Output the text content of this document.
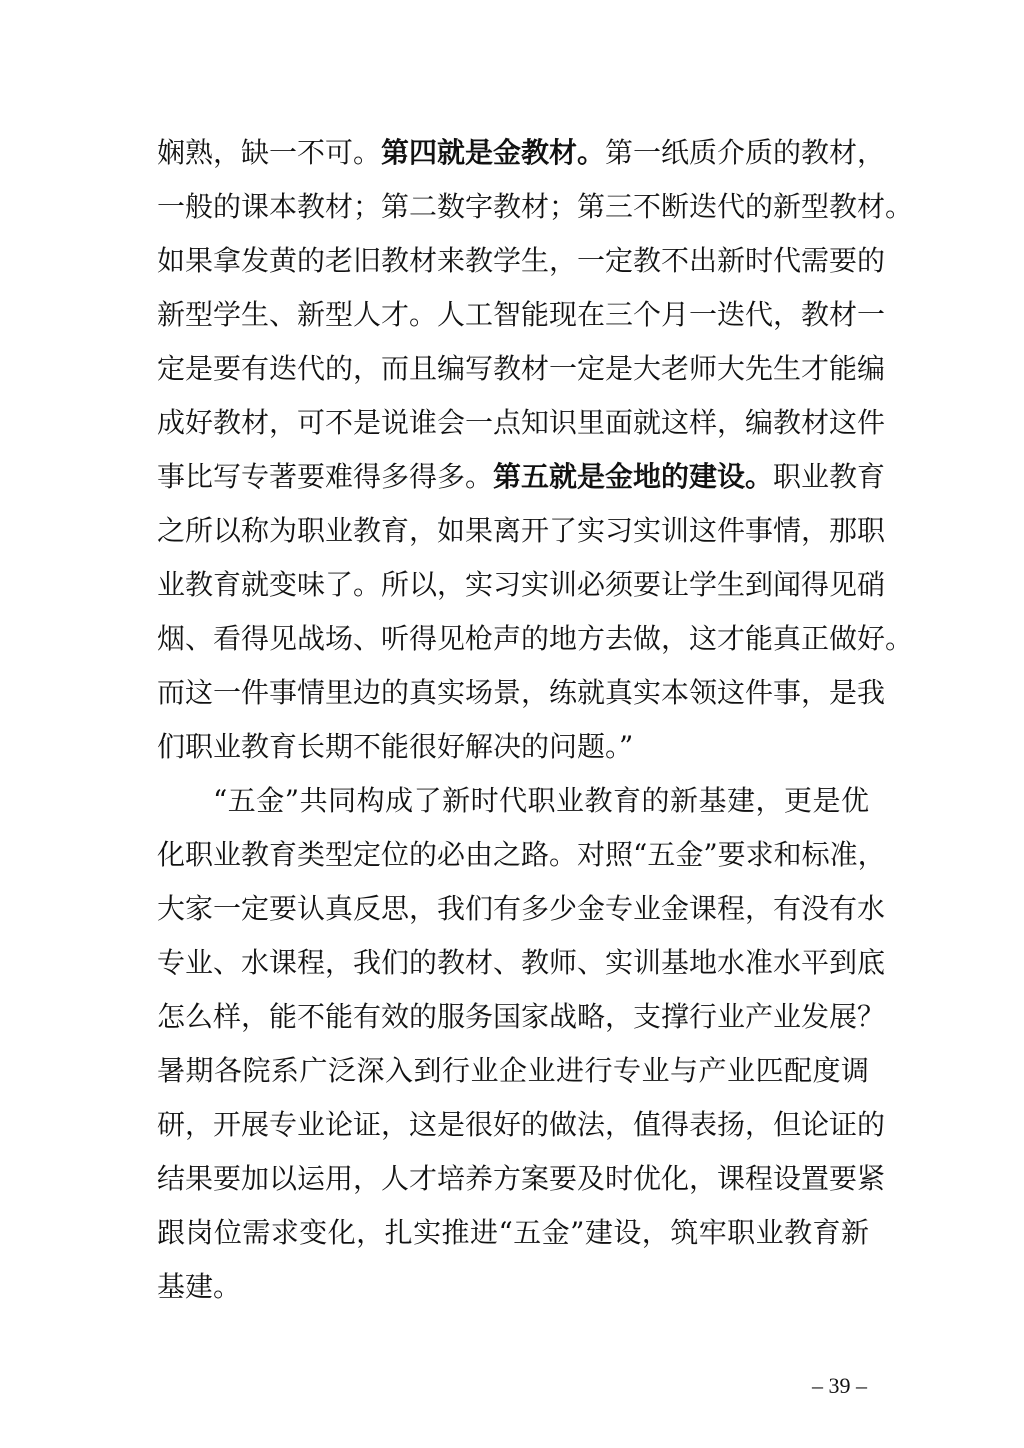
娴熟，缺一不可。第四就是金教材。第一纸质介质的教材，
一般的课本教材；第二数字教材；第三不断迭代的新型教材。
如果拿发黄的老旧教材来教学生，一定教不出新时代需要的
新型学生、新型人才。人工智能现在三个月一迭代，教材一
定是要有迭代的，而且编写教材一定是大老师大先生才能编
成好教材，可不是说谁会一点知识里面就这样，编教材这件
事比写专著要难得多得多。第五就是金地的建设。职业教育
之所以称为职业教育，如果离开了实习实训这件事情，那职
业教育就变味了。所以，实习实训必须要让学生到闻得见硝
烟、看得见战场、听得见枪声的地方去做，这才能真正做好。
而这一件事情里边的真实场景，练就真实本领这件事，是我
们职业教育长期不能很好解决的问题。”
“五金”共同构成了新时代职业教育的新基建，更是优
化职业教育类型定位的必由之路。对照“五金”要求和标准，
大家一定要认真反思，我们有多少金专业金课程，有没有水
专业、水课程，我们的教材、教师、实训基地水准水平到底
怎么样，能不能有效的服务国家战略，支撑行业产业发展？
暑期各院系广泛深入到行业企业进行专业与产业匹配度调
研，开展专业论证，这是很好的做法，值得表扬，但论证的
结果要加以运用，人才培养方案要及时优化，课程设置要紧
跟岗位需求变化，扎实推进“五金”建设，筑牢职业教育新
基建。
– 39 –
